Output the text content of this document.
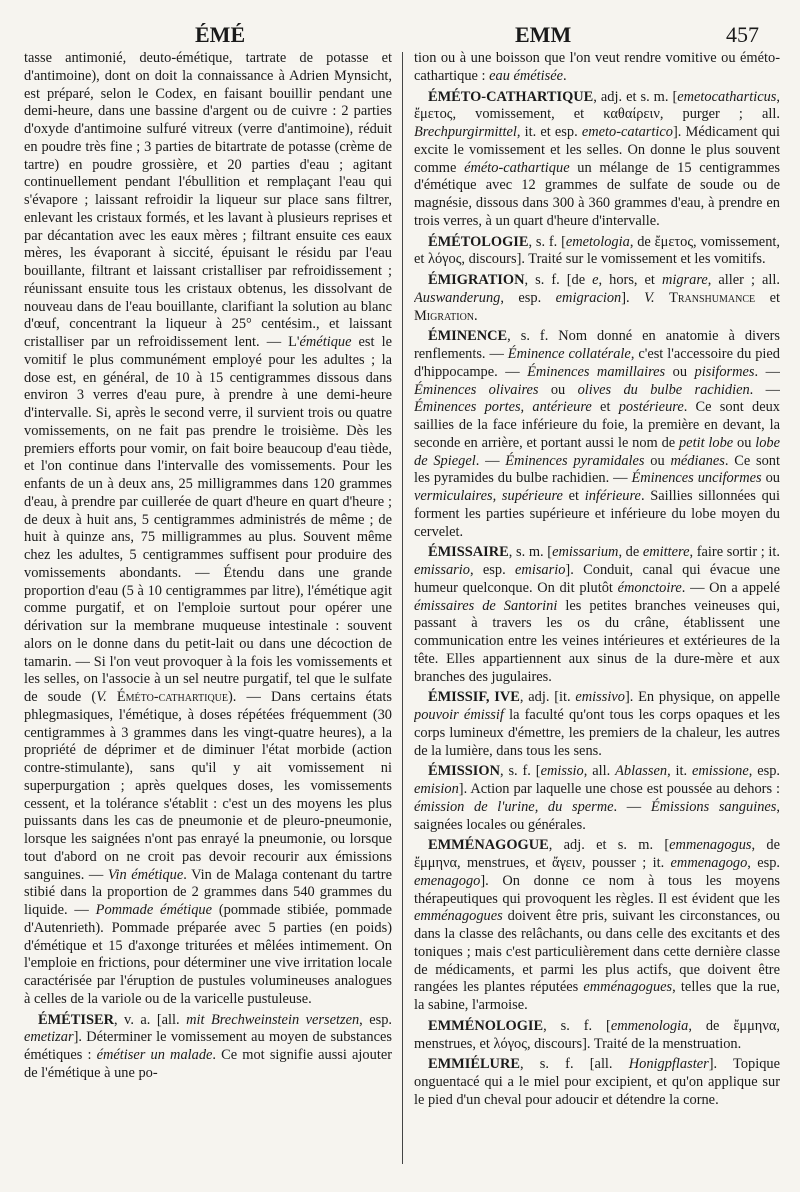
ÉMÉ	EMM	457

tasse antimonié, deuto-émétique, tartrate de potasse et d'antimoine), dont on doit la connaissance à Adrien Mynsicht, est préparé, selon le Codex, en faisant bouillir pendant une demi-heure, dans une bassine d'argent ou de cuivre : 2 parties d'oxyde d'antimoine sulfuré vitreux (verre d'antimoine), réduit en poudre très fine ; 3 parties de bitartrate de potasse (crème de tartre) en poudre grossière, et 20 parties d'eau ; agitant continuellement pendant l'ébullition et remplaçant l'eau qui s'évapore ; laissant refroidir la liqueur sur place sans filtrer, enlevant les cristaux formés, et les lavant à plusieurs reprises et par décantation avec les eaux mères ; filtrant ensuite ces eaux mères, les évaporant à siccité, épuisant le résidu par l'eau bouillante, filtrant et laissant cristalliser par refroidissement ; réunissant ensuite tous les cristaux obtenus, les dissolvant de nouveau dans de l'eau bouillante, clarifiant la solution au blanc d'œuf, concentrant la liqueur à 25° centésim., et laissant cristalliser par un refroidissement lent. — L'émétique est le vomitif le plus communément employé pour les adultes ; la dose est, en général, de 10 à 15 centigrammes dissous dans environ 3 verres d'eau pure, à prendre à une demi-heure d'intervalle. Si, après le second verre, il survient trois ou quatre vomissements, on ne fait pas prendre le troisième. Dès les premiers efforts pour vomir, on fait boire beaucoup d'eau tiède, et l'on continue dans l'intervalle des vomissements. Pour les enfants de un à deux ans, 25 milligrammes dans 120 grammes d'eau, à prendre par cuillerée de quart d'heure en quart d'heure ; de deux à huit ans, 5 centigrammes administrés de même ; de huit à quinze ans, 75 milligrammes au plus. Souvent même chez les adultes, 5 centigrammes suffisent pour produire des vomissements abondants. — Étendu dans une grande proportion d'eau (5 à 10 centigrammes par litre), l'émétique agit comme purgatif, et on l'emploie surtout pour opérer une dérivation sur la membrane muqueuse intestinale : souvent alors on le donne dans du petit-lait ou dans une décoction de tamarin. — Si l'on veut provoquer à la fois les vomissements et les selles, on l'associe à un sel neutre purgatif, tel que le sulfate de soude (V. Éméto-cathartique). — Dans certains états phlegmasiques, l'émétique, à doses répétées fréquemment (30 centigrammes à 3 grammes dans les vingt-quatre heures), a la propriété de déprimer et de diminuer l'état morbide (action contre-stimulante), sans qu'il y ait vomissement ni superpurgation ; après quelques doses, les vomissements cessent, et la tolérance s'établit : c'est un des moyens les plus puissants dans les cas de pneumonie et de pleuro-pneumonie, lorsque les saignées n'ont pas enrayé la pneumonie, ou lorsque tout d'abord on ne croit pas devoir recourir aux émissions sanguines. — Vin émétique. Vin de Malaga contenant du tartre stibié dans la proportion de 2 grammes dans 540 grammes du liquide. — Pommade émétique (pommade stibiée, pommade d'Autenrieth). Pommade préparée avec 5 parties (en poids) d'émétique et 15 d'axonge triturées et mêlées intimement. On l'emploie en frictions, pour déterminer une vive irritation locale caractérisée par l'éruption de pustules volumineuses analogues à celles de la variole ou de la varicelle pustuleuse.

ÉMÉTISER, v. a. [all. mit Brechweinstein versetzen, esp. emetizar]. Déterminer le vomissement au moyen de substances émétiques : émétiser un malade. Ce mot signifie aussi ajouter de l'émétique à une po-

tion ou à une boisson que l'on veut rendre vomitive ou éméto-cathartique : eau émétisée.

ÉMÉTO-CATHARTIQUE, adj. et s. m. [emetocatharticus, ἔμετος, vomissement, et καθαίρειν, purger ; all. Brechpurgirmittel, it. et esp. emeto-catartico]. Médicament qui excite le vomissement et les selles. On donne le plus souvent comme éméto-cathartique un mélange de 15 centigrammes d'émétique avec 12 grammes de sulfate de soude ou de magnésie, dissous dans 300 à 360 grammes d'eau, à prendre en trois verres, à un quart d'heure d'intervalle.

ÉMÉTOLOGIE, s. f. [emetologia, de ἔμετος, vomissement, et λόγος, discours]. Traité sur le vomissement et les vomitifs.

ÉMIGRATION, s. f. [de e, hors, et migrare, aller ; all. Auswanderung, esp. emigracion]. V. Transhumance et Migration.

ÉMINENCE, s. f. Nom donné en anatomie à divers renflements. — Éminence collatérale, c'est l'accessoire du pied d'hippocampe. — Éminences mamillaires ou pisiformes. — Éminences olivaires ou olives du bulbe rachidien. — Éminences portes, antérieure et postérieure. Ce sont deux saillies de la face inférieure du foie, la première en devant, la seconde en arrière, et portant aussi le nom de petit lobe ou lobe de Spiegel. — Éminences pyramidales ou médianes. Ce sont les pyramides du bulbe rachidien. — Éminences unciformes ou vermiculaires, supérieure et inférieure. Saillies sillonnées qui forment les parties supérieure et inférieure du lobe moyen du cervelet.

ÉMISSAIRE, s. m. [emissarium, de emittere, faire sortir ; it. emissario, esp. emisario]. Conduit, canal qui évacue une humeur quelconque. On dit plutôt émonctoire. — On a appelé émissaires de Santorini les petites branches veineuses qui, passant à travers les os du crâne, établissent une communication entre les veines intérieures et extérieures de la tête. Elles appartiennent aux sinus de la dure-mère et aux branches des jugulaires.

ÉMISSIF, IVE, adj. [it. emissivo]. En physique, on appelle pouvoir émissif la faculté qu'ont tous les corps opaques et les corps lumineux d'émettre, les premiers de la chaleur, les autres de la lumière, dans tous les sens.

ÉMISSION, s. f. [emissio, all. Ablassen, it. emissione, esp. emision]. Action par laquelle une chose est poussée au dehors : émission de l'urine, du sperme. — Émissions sanguines, saignées locales ou générales.

EMMÉNAGOGUE, adj. et s. m. [emmenagogus, de ἔμμηνα, menstrues, et ἄγειν, pousser ; it. emmenagogo, esp. emenagogo]. On donne ce nom à tous les moyens thérapeutiques qui provoquent les règles. Il est évident que les emménagogues doivent être pris, suivant les circonstances, ou dans la classe des relâchants, ou dans celle des excitants et des toniques ; mais c'est particulièrement dans cette dernière classe de médicaments, et parmi les plus actifs, que doivent être rangées les plantes réputées emménagogues, telles que la rue, la sabine, l'armoise.

EMMÉNOLOGIE, s. f. [emmenologia, de ἔμμηνα, menstrues, et λόγος, discours]. Traité de la menstruation.

EMMIÉLURE, s. f. [all. Honigpflaster]. Topique onguentacé qui a le miel pour excipient, et qu'on applique sur le pied d'un cheval pour adoucir et détendre la corne.
